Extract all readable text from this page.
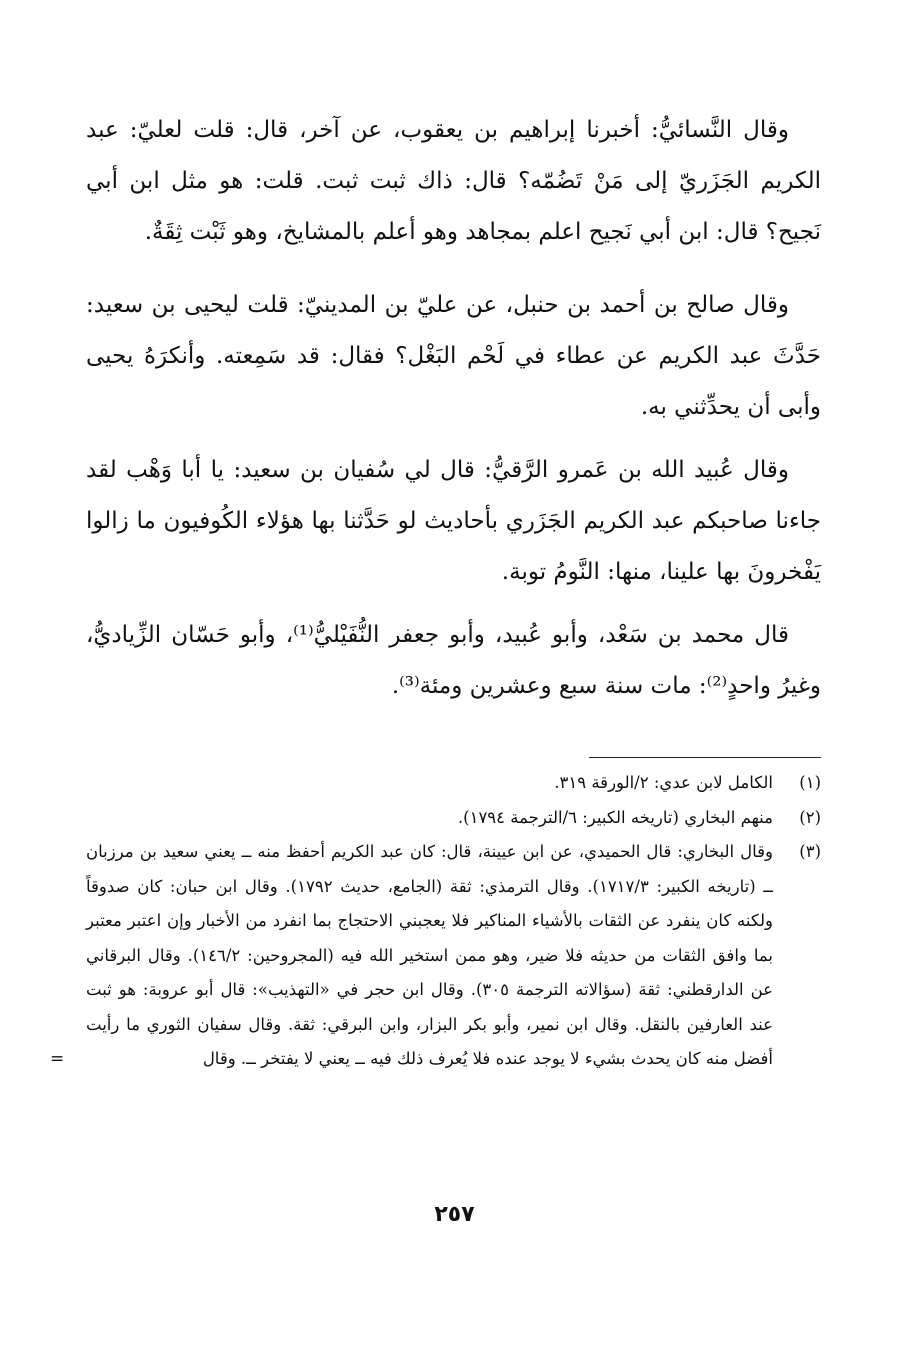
وقال النَّسائيُّ: أخبرنا إبراهيم بن يعقوب، عن آخر، قال: قلت لعليّ: عبد الكريم الجَزَريّ إلى مَنْ تَضُمّه؟ قال: ذاك ثبت ثبت. قلت: هو مثل ابن أبي نَجيح؟ قال: ابن أبي نَجيح اعلم بمجاهد وهو أعلم بالمشايخ، وهو ثَبْت ثِقَةٌ.

وقال صالح بن أحمد بن حنبل، عن عليّ بن المدينيّ: قلت ليحيى بن سعيد: حَدَّثَ عبد الكريم عن عطاء في لَحْم البَغْل؟ فقال: قد سَمِعته. وأنكرَهُ يحيى وأبى أن يحدِّثني به.

وقال عُبيد الله بن عَمرو الرَّقيُّ: قال لي سُفيان بن سعيد: يا أبا وَهْب لقد جاءنا صاحبكم عبد الكريم الجَزَري بأحاديث لو حَدَّثنا بها هؤلاء الكُوفيون ما زالوا يَفْخرونَ بها علينا، منها: النَّومُ توبة.

قال محمد بن سَعْد، وأبو عُبيد، وأبو جعفر النُّفَيْليُّ⁽¹⁾، وأبو حَسّان الزِّياديُّ، وغيرُ واحدٍ⁽²⁾: مات سنة سبع وعشرين ومئة⁽³⁾.

(١)
الكامل لابن عدي: ٢/الورقة ٣١٩.

(٢)
منهم البخاري (تاريخه الكبير: ٦/الترجمة ١٧٩٤).

(٣)
وقال البخاري: قال الحميدي، عن ابن عيينة، قال: كان عبد الكريم أحفظ منه ــ يعني سعيد بن مرزبان ــ (تاريخه الكبير: ١٧١٧/٣). وقال الترمذي: ثقة (الجامع، حديث ١٧٩٢). وقال ابن حبان: كان صدوقاً ولكنه كان ينفرد عن الثقات بالأشياء المناكير فلا يعجبني الاحتجاج بما انفرد من الأخبار وإن اعتبر معتبر بما وافق الثقات من حديثه فلا ضير، وهو ممن استخير الله فيه (المجروحين: ١٤٦/٢). وقال البرقاني عن الدارقطني: ثقة (سؤالاته الترجمة ٣٠٥). وقال ابن حجر في «التهذيب»: قال أبو عروبة: هو ثبت عند العارفين بالنقل. وقال ابن نمير، وأبو بكر البزار، وابن البرقي: ثقة. وقال سفيان الثوري ما رأيت أفضل منه كان يحدث بشيء لا يوجد عنده فلا يُعرف ذلك فيه ــ يعني لا يفتخر ــ. وقال
=

٢٥٧
